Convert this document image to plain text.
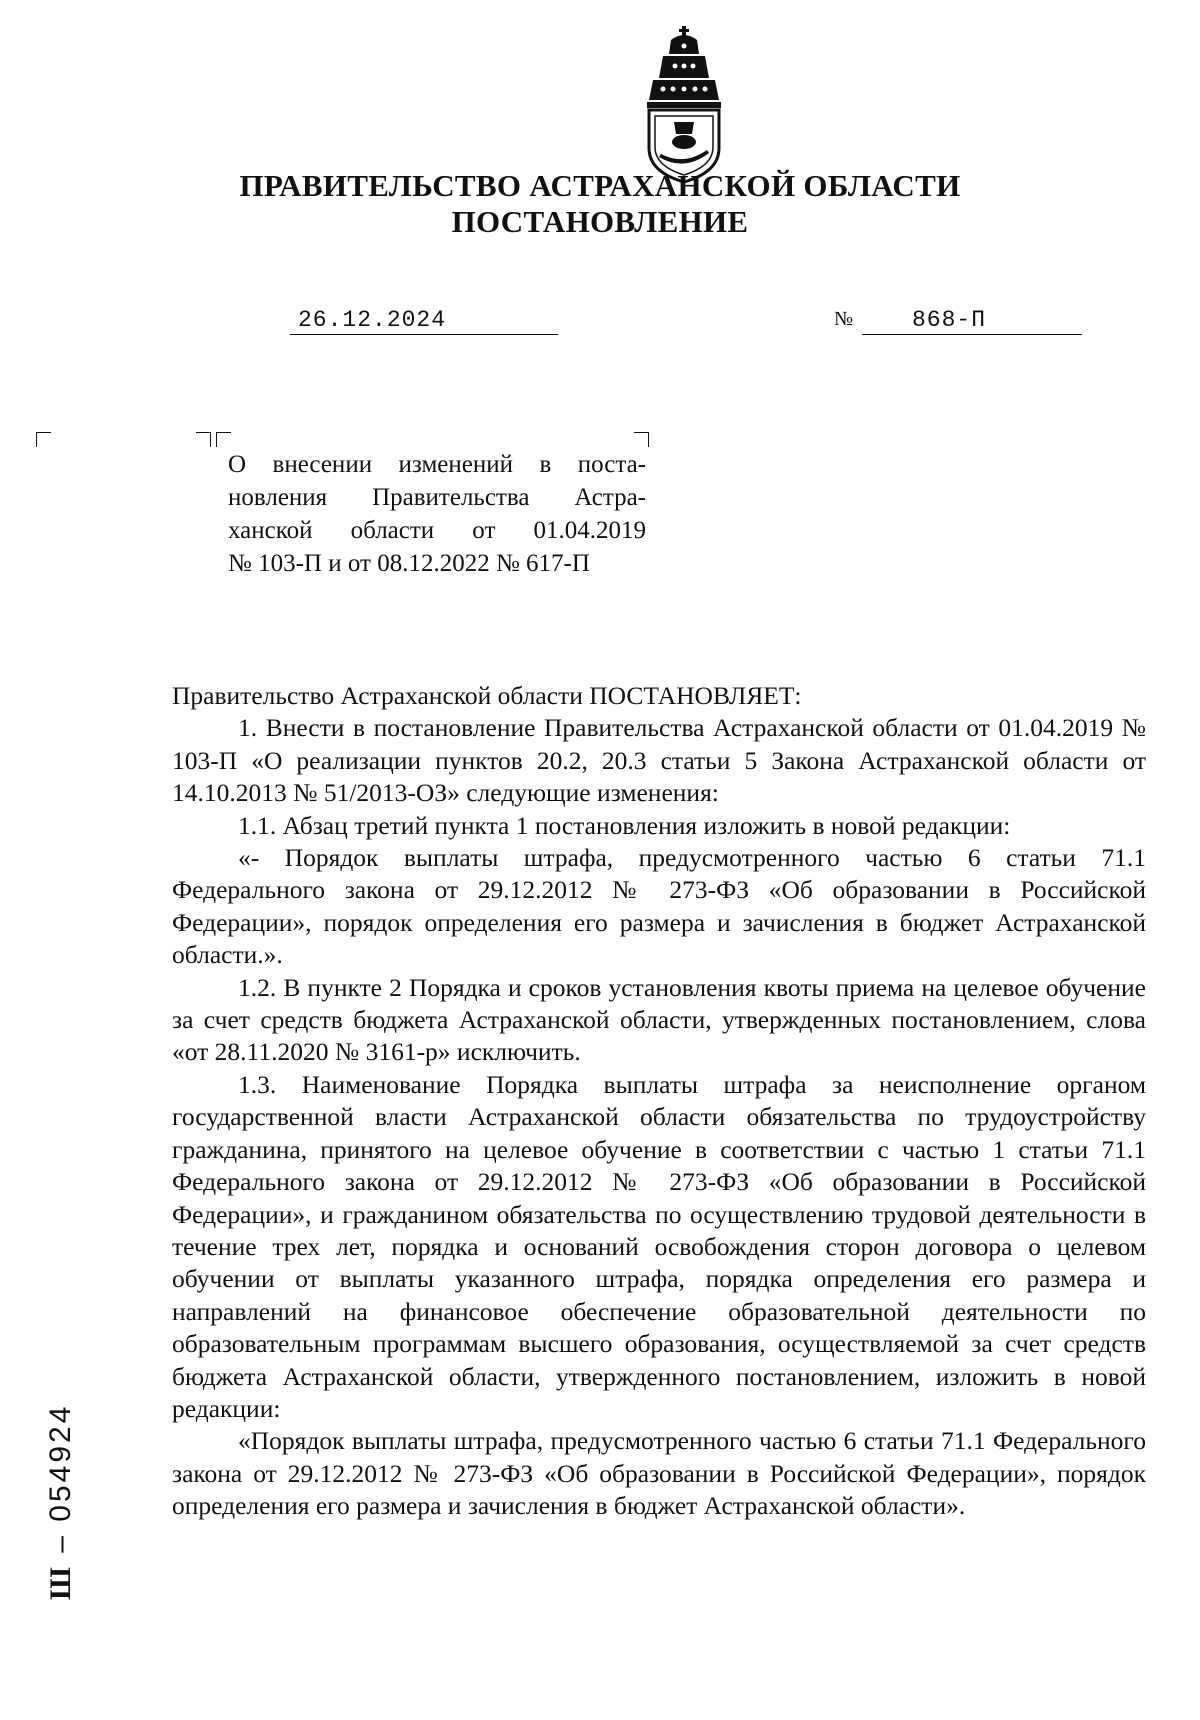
ПРАВИТЕЛЬСТВО АСТРАХАНСКОЙ ОБЛАСТИ
ПОСТАНОВЛЕНИЕ
26.12.2024	№	868-П
О внесении изменений в поста-
новления Правительства Астра-
ханской области от 01.04.2019
№ 103-П и от 08.12.2022 № 617-П

Правительство Астраханской области ПОСТАНОВЛЯЕТ:

1. Внести в постановление Правительства Астраханской области от 01.04.2019 № 103-П «О реализации пунктов 20.2, 20.3 статьи 5 Закона Астраханской области от 14.10.2013 № 51/2013-ОЗ» следующие изменения:

1.1. Абзац третий пункта 1 постановления изложить в новой редакции:

«- Порядок выплаты штрафа, предусмотренного частью 6 статьи 71.1 Федерального закона от 29.12.2012 № 273-ФЗ «Об образовании в Российской Федерации», порядок определения его размера и зачисления в бюджет Астраханской области.».

1.2. В пункте 2 Порядка и сроков установления квоты приема на целевое обучение за счет средств бюджета Астраханской области, утвержденных постановлением, слова «от 28.11.2020 № 3161-р» исключить.

1.3. Наименование Порядка выплаты штрафа за неисполнение органом государственной власти Астраханской области обязательства по трудоустройству гражданина, принятого на целевое обучение в соответствии с частью 1 статьи 71.1 Федерального закона от 29.12.2012 № 273-ФЗ «Об образовании в Российской Федерации», и гражданином обязательства по осуществлению трудовой деятельности в течение трех лет, порядка и оснований освобождения сторон договора о целевом обучении от выплаты указанного штрафа, порядка определения его размера и направлений на финансовое обеспечение образовательной деятельности по образовательным программам высшего образования, осуществляемой за счет средств бюджета Астраханской области, утвержденного постановлением, изложить в новой редакции:

«Порядок выплаты штрафа, предусмотренного частью 6 статьи 71.1 Федерального закона от 29.12.2012 № 273-ФЗ «Об образовании в Российской Федерации», порядок определения его размера и зачисления в бюджет Астраханской области».

Ш – 054924
